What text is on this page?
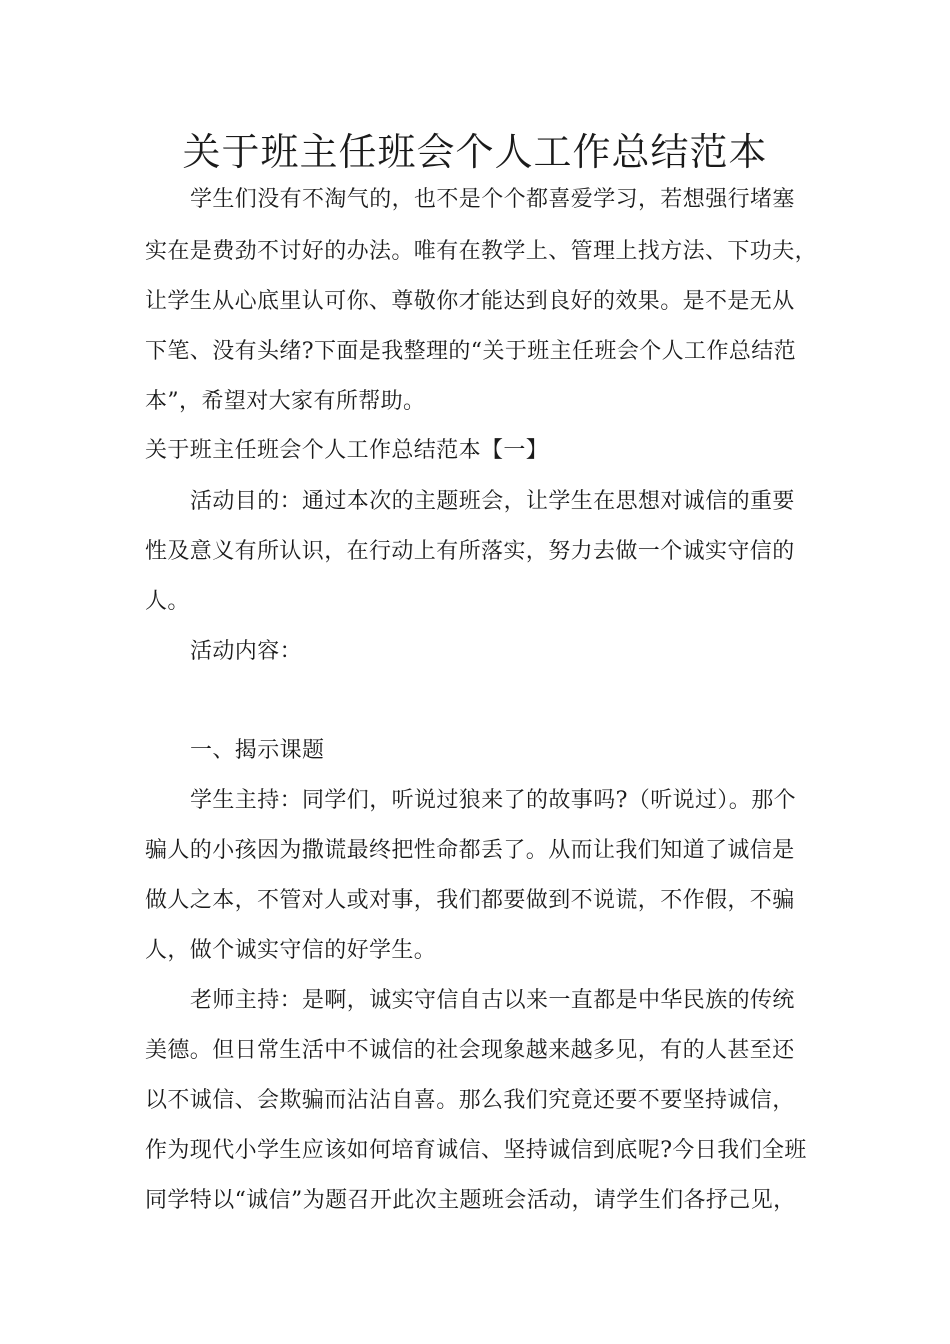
关于班主任班会个人工作总结范本

学生们没有不淘气的，也不是个个都喜爱学习，若想强行堵塞

实在是费劲不讨好的办法。唯有在教学上、管理上找方法、下功夫，

让学生从心底里认可你、尊敬你才能达到良好的效果。是不是无从

下笔、没有头绪?下面是我整理的“关于班主任班会个人工作总结范

本”，希望对大家有所帮助。

关于班主任班会个人工作总结范本【一】

活动目的：通过本次的主题班会，让学生在思想对诚信的重要

性及意义有所认识，在行动上有所落实，努力去做一个诚实守信的

人。

活动内容：

一、揭示课题

学生主持：同学们，听说过狼来了的故事吗?（听说过）。那个

骗人的小孩因为撒谎最终把性命都丢了。从而让我们知道了诚信是

做人之本，不管对人或对事，我们都要做到不说谎，不作假，不骗

人，做个诚实守信的好学生。

老师主持：是啊，诚实守信自古以来一直都是中华民族的传统

美德。但日常生活中不诚信的社会现象越来越多见，有的人甚至还

以不诚信、会欺骗而沾沾自喜。那么我们究竟还要不要坚持诚信，

作为现代小学生应该如何培育诚信、坚持诚信到底呢?今日我们全班

同学特以“诚信”为题召开此次主题班会活动，请学生们各抒己见，
